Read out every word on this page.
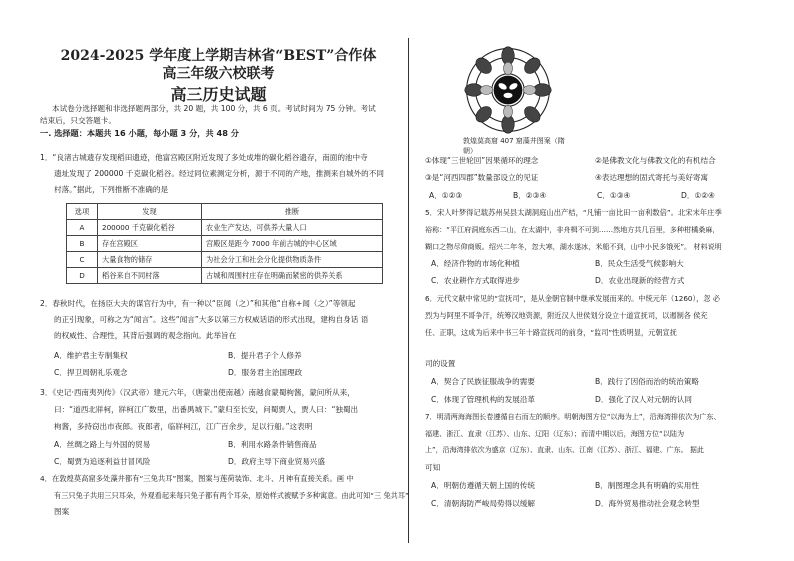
2024-2025 学年度上学期吉林省“BEST”合作体
高三年级六校联考
高三历史试题
本试卷分选择题和非选择题两部分，共 20 题，共 100 分，共 6 页。考试时间为 75 分钟。考试
结束后，只交答题卡。
一. 选择题：本题共 16 小题，每小题 3 分，共 48 分
1．“良渚古城遗存发现稻田遗迹，他富宫殿区附近发现了多处成堆的碳化稻谷遗存，南面的池中寺
遗址发现了 200000 千克碳化稻谷。经过同位素测定分析，源于不同的产地，推测来自城外的不同
村落。”据此，下列推断不准确的是
选项	发现	推断
A	200000 千克碳化稻谷	农业生产发达，可供养大量人口
B	存在宫殿区	宫殿区是距今 7000 年前古城的中心区域
C	大量食物的储存	为社会分工和社会分化提供物质条件
D	稻谷来自不同村落	古城和周围村庄存在明确而紧密的供养关系
2．春秋时代，在扬臣大夫的谋官行为中，有一种以“臣闻（之）”和其他“自称+闻（之）”等领起
的正引现象，可称之为“闻言”。这些“闻言”大多以第三方权威话语的形式出现，建构自身话 语
的权威性、合理性，其背后强调的观念指向。此举旨在
A．维护君主专制集权	B．提升君子个人修养
C．捍卫周朝礼乐观念	D．服务君主治国理政
3．《史记·西南夷列传》（汉武帝）建元六年，（唐蒙出使南越）南越食蒙蜀枸酱，蒙问所从来，
曰：“道西北牂柯，牂柯江广数里，出番禺城下。”蒙归至长安，问蜀贾人，贾人曰：“独蜀出
枸酱，多持窃出市夜郎。夜郎者，临牂柯江，江广百余步，足以行船。”这表明
A．丝绸之路上与外国的贸易	B．利用水路条件销售商品
C．蜀贾为追逐利益甘冒风险	D．政府主导下商业贸易兴盛
4．在敦煌莫高窟多处藻井都有“三兔共耳”图案，图案与莲荷装饰、北斗、月神有直接关系。画 中
有三只兔子共用三只耳朵，外观看起来每只兔子都有两个耳朵，原始样式被赋予多种寓意。由此可知“三 兔共耳”
图案
敦煌莫高窟 407 窟藻井图案（隋朝）
①体现“三世轮回”因果循环的理念	②是佛教文化与佛教文化的有机结合
③是“河西四郡”数量部设立的见证	④表达理想的固式寄托与美好寄寓
A．①②③	B．②③④	C．①③④	D．①②④
5．宋人叶梦得记载苏州吴县太湖洞庭山出产桔，“凡铺一亩比田一亩利数倍”。北宋末年庄季
裕称：“平江府洞庭东西二山，在太湖中，非舟楫不可到……然地方共几百里，多种柑橘桑麻，
糊口之物尽仰商贩。绍兴二年冬，忽大寒，湖水遂冰，米船不到，山中小民多饿死”。 材料说明
A．经济作物的市场化种植	B．民众生活受气候影响大
C．农业耕作方式取得进步	D．农业出现新的经营方式
6．元代文献中常见的“宣抚司”，是从金朝官制中继承发展而来的。中统元年（1260），忽 必
烈为与阿里不哥争汗，统筹汉地资源，附近汉人世侯划分设立十道宣抚司，以遏制各 侯充
任、正职，这成为后来中书三年十路宣抚司的前身，“监司”性质明显，元朝宣抚
司的设置
A．契合了民族征服战争的需要	B．践行了因俗而治的统治策略
C．体现了管理机构的发展沿革	D．强化了汉人对元朝的认同
7．明清两海海图长卷遵循自右而左的顺序。明朝海图方位“以海为上”，沿海湾排依次为广东、
福建、浙江、直隶（江苏）、山东、辽阳（辽东）；而清中期以后，海图方位“以陆为
上”，沿海湾排依次为盛京（辽东）、直隶、山东、江南（江苏）、浙江、福建、广东。 据此
可知
A．明朝仿遵循天朝上国的传统	B．制图理念具有明确的实用性
C．清朝海防严峻局势得以缓解	D．海外贸易推动社会观念转型
